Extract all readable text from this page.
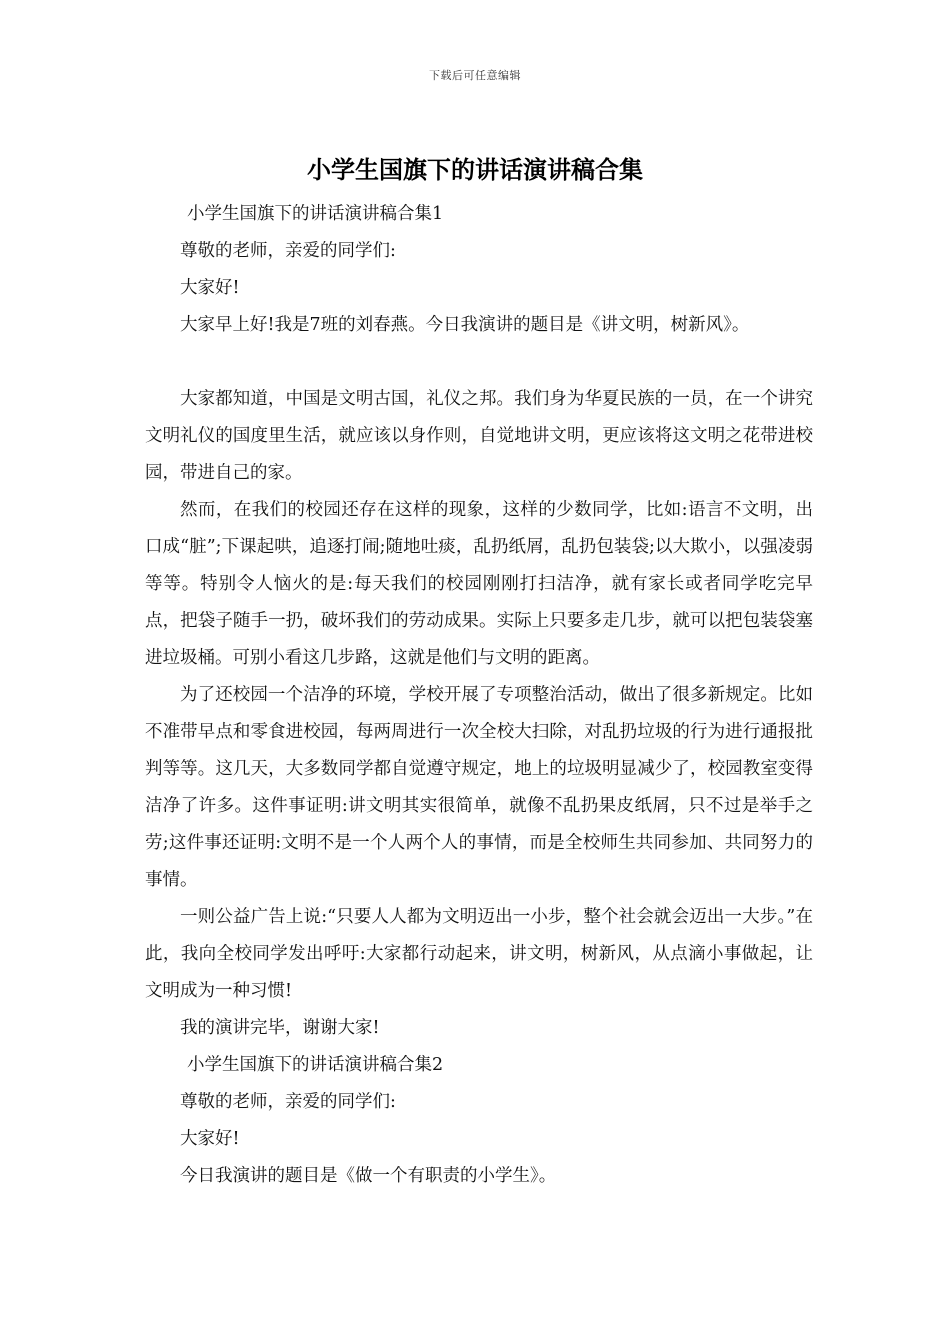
下载后可任意编辑
小学生国旗下的讲话演讲稿合集

小学生国旗下的讲话演讲稿合集1

尊敬的老师，亲爱的同学们:

大家好!

大家早上好!我是7班的刘春燕。今日我演讲的题目是《讲文明，树新风》。

大家都知道，中国是文明古国，礼仪之邦。我们身为华夏民族的一员，在一个讲究文明礼仪的国度里生活，就应该以身作则，自觉地讲文明，更应该将这文明之花带进校园，带进自己的家。

然而，在我们的校园还存在这样的现象，这样的少数同学，比如:语言不文明，出口成“脏”;下课起哄，追逐打闹;随地吐痰，乱扔纸屑，乱扔包装袋;以大欺小，以强凌弱等等。特别令人恼火的是:每天我们的校园刚刚打扫洁净，就有家长或者同学吃完早点，把袋子随手一扔，破坏我们的劳动成果。实际上只要多走几步，就可以把包装袋塞进垃圾桶。可别小看这几步路，这就是他们与文明的距离。

为了还校园一个洁净的环境，学校开展了专项整治活动，做出了很多新规定。比如不准带早点和零食进校园，每两周进行一次全校大扫除，对乱扔垃圾的行为进行通报批判等等。这几天，大多数同学都自觉遵守规定，地上的垃圾明显减少了，校园教室变得洁净了许多。这件事证明:讲文明其实很简单，就像不乱扔果皮纸屑，只不过是举手之劳;这件事还证明:文明不是一个人两个人的事情，而是全校师生共同参加、共同努力的事情。

一则公益广告上说:“只要人人都为文明迈出一小步，整个社会就会迈出一大步。”在此，我向全校同学发出呼吁:大家都行动起来，讲文明，树新风，从点滴小事做起，让文明成为一种习惯!

我的演讲完毕，谢谢大家!

小学生国旗下的讲话演讲稿合集2

尊敬的老师，亲爱的同学们:

大家好!

今日我演讲的题目是《做一个有职责的小学生》。
